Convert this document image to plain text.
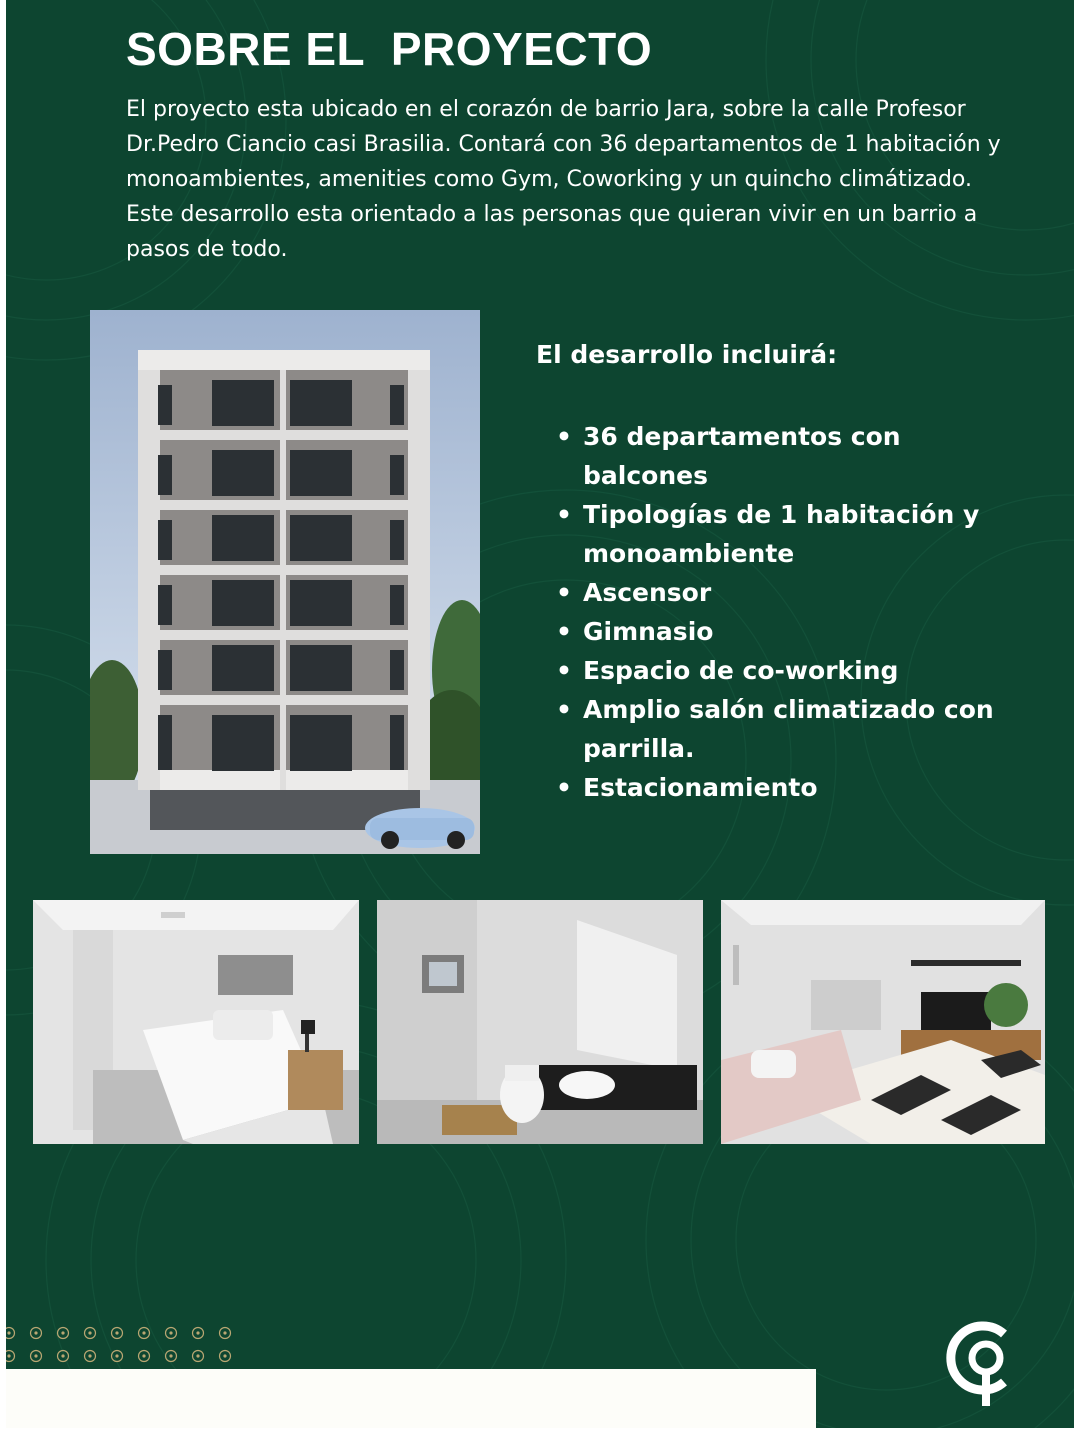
SOBRE EL  PROYECTO

El proyecto esta ubicado en el corazón de barrio Jara, sobre la calle Profesor Dr.Pedro Ciancio casi Brasilia. Contará con 36 departamentos de 1 habitación y monoambientes, amenities como Gym, Coworking y un quincho climátizado. Este desarrollo esta orientado a las personas que quieran vivir en un barrio a pasos de todo.

El desarrollo incluirá:
• 36 departamentos con balcones
• Tipologías de 1 habitación y monoambiente
• Ascensor
• Gimnasio
• Espacio de co-working
• Amplio salón climatizado con parrilla.
• Estacionamiento
